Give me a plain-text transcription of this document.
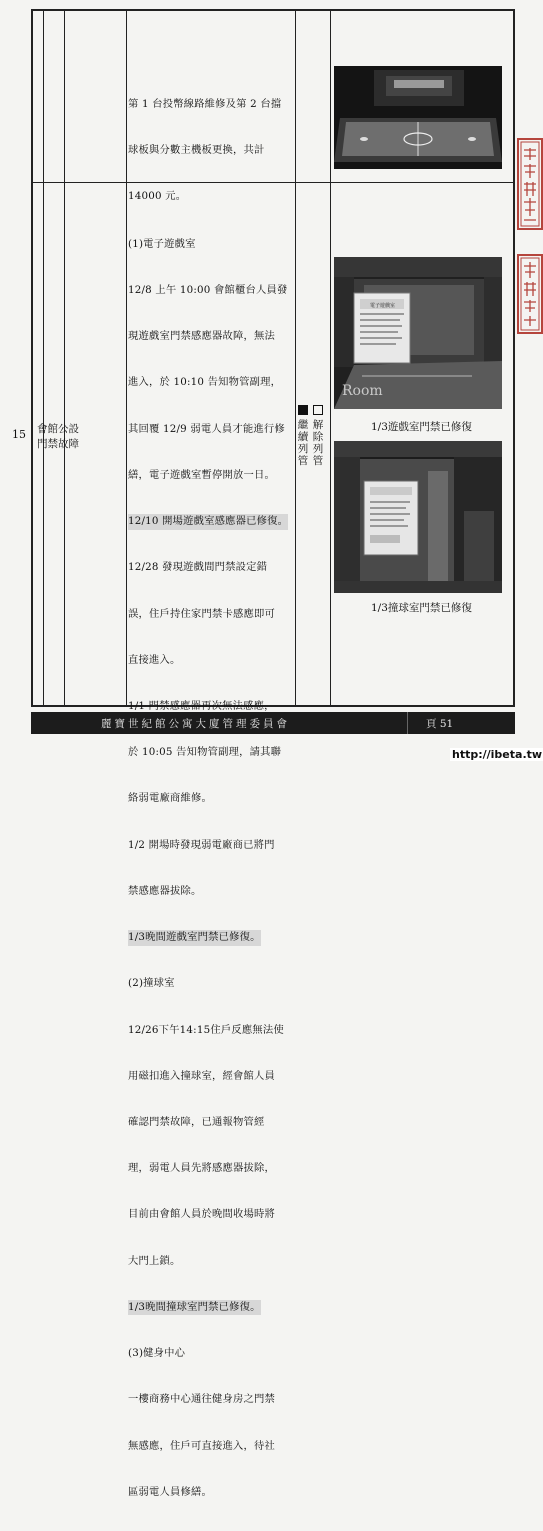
第 1 台投幣線路維修及第 2 台擋

球板與分數主機板更換，共計

14000 元。

15 會館公設
門禁故障

(1)電子遊戲室

12/8 上午 10:00 會館櫃台人員發

現遊戲室門禁感應器故障，無法

進入，於 10:10 告知物管副理，

其回覆 12/9 弱電人員才能進行修

繕，電子遊戲室暫停開放一日。

12/10 開場遊戲室感應器已修復。

12/28 發現遊戲間門禁設定錯

誤，住戶持住家門禁卡感應即可

直接進入。

1/1 門禁感應器再次無法感應，

於 10:05 告知物管副理，請其聯

絡弱電廠商維修。

1/2 開場時發現弱電廠商已將門

禁感應器拔除。

1/3晚間遊戲室門禁已修復。

(2)撞球室

12/26下午14:15住戶反應無法使

用磁扣進入撞球室，經會館人員

確認門禁故障，已通報物管經

理，弱電人員先將感應器拔除，

目前由會館人員於晚間收場時將

大門上鎖。

1/3晚間撞球室門禁已修復。

(3)健身中心

一樓商務中心通往健身房之門禁

無感應，住戶可直接進入，待社

區弱電人員修繕。

繼續列管
解除列管
電子遊戲室
Room
1/3遊戲室門禁已修復
1/3撞球室門禁已修復
麗寶世紀館公寓大廈管理委員會	頁 51
http://ibeta.tw
